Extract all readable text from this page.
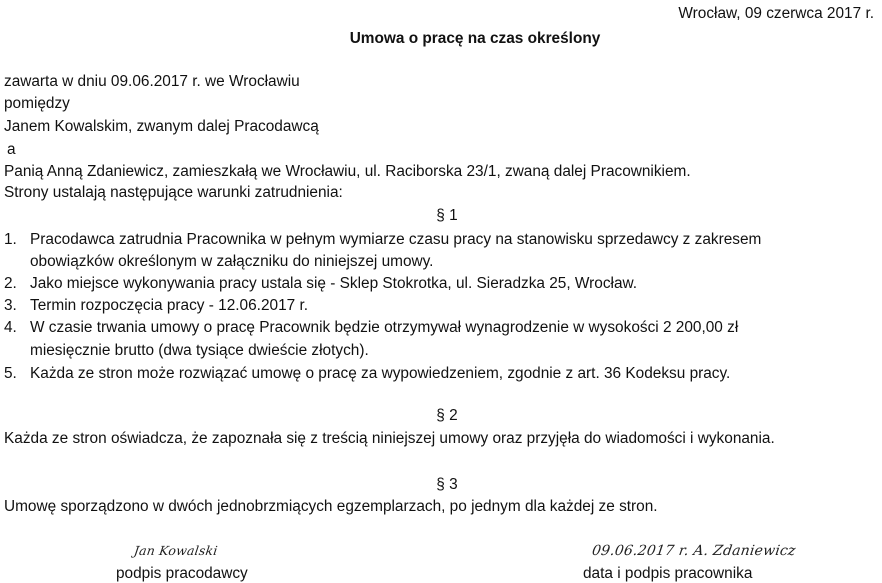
Wrocław, 09 czerwca 2017 r.
Umowa o pracę na czas określony
zawarta w dniu 09.06.2017 r. we Wrocławiu
pomiędzy
Janem Kowalskim, zwanym dalej Pracodawcą
a
Panią Anną Zdaniewicz, zamieszkałą we Wrocławiu, ul. Raciborska 23/1, zwaną dalej Pracownikiem.
Strony ustalają następujące warunki zatrudnienia:
§ 1
1. Pracodawca zatrudnia Pracownika w pełnym wymiarze czasu pracy na stanowisku sprzedawcy z zakresem
obowiązków określonym w załączniku do niniejszej umowy.
2. Jako miejsce wykonywania pracy ustala się - Sklep Stokrotka, ul. Sieradzka 25, Wrocław.
3. Termin rozpoczęcia pracy - 12.06.2017 r.
4. W czasie trwania umowy o pracę Pracownik będzie otrzymywał wynagrodzenie w wysokości 2 200,00 zł
miesięcznie brutto (dwa tysiące dwieście złotych).
5. Każda ze stron może rozwiązać umowę o pracę za wypowiedzeniem, zgodnie z art. 36 Kodeksu pracy.
§ 2
Każda ze stron oświadcza, że zapoznała się z treścią niniejszej umowy oraz przyjęła do wiadomości i wykonania.
§ 3
Umowę sporządzono w dwóch jednobrzmiących egzemplarzach, po jednym dla każdej ze stron.
Jan Kowalski	09.06.2017 r. A. Zdaniewicz
podpis pracodawcy	data i podpis pracownika
